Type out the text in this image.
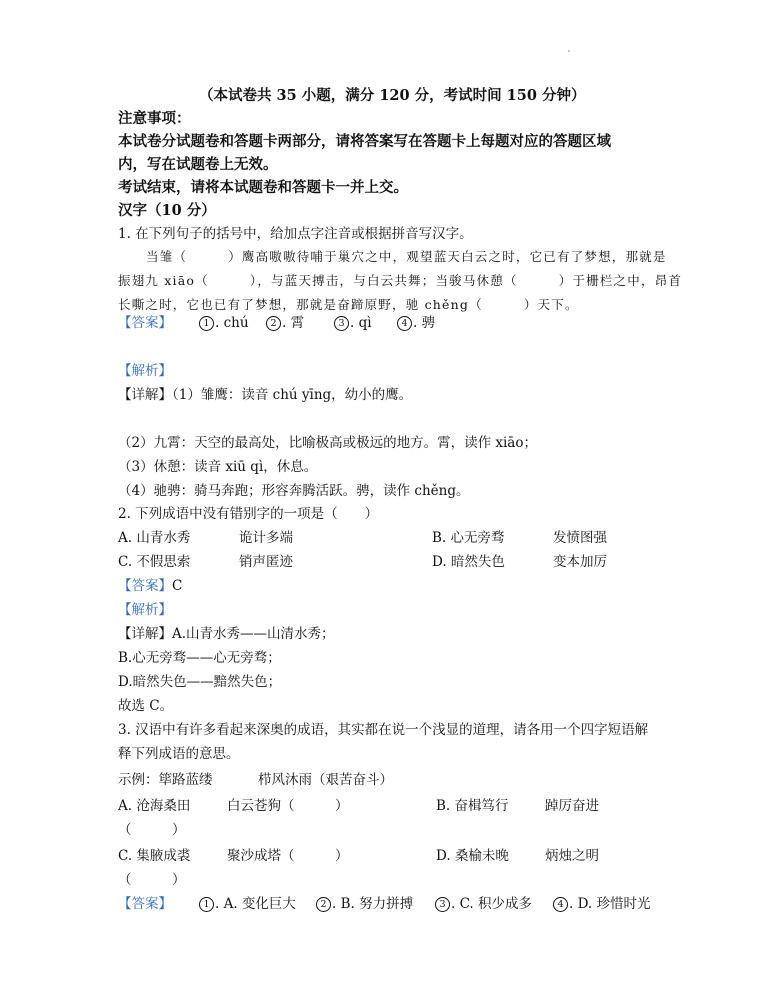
（本试卷共 35 小题，满分 120 分，考试时间 150 分钟）
注意事项：
本试卷分试题卷和答题卡两部分，请将答案写在答题卡上每题对应的答题区域
内，写在试题卷上无效。
考试结束，请将本试题卷和答题卡一并上交。
汉字（10 分）
1. 在下列句子的括号中，给加点字注音或根据拼音写汉字。
当雏（　　　）鹰高嗷嗷待哺于巢穴之中，观望蓝天白云之时，它已有了梦想，那就是
振翅九 xiāo（　　　），与蓝天搏击，与白云共舞；当骏马休憩（　　　）于栅栏之中，昂首
长嘶之时，它也已有了梦想，那就是奋蹄原野，驰 chěng（　　　）天下。
【答案】	1 . chú	2 . 霄	3 . qì	4 . 骋
【解析】
【详解】（1）雏鹰：读音 chú yīng，幼小的鹰。
（2）九霄：天空的最高处，比喻极高或极远的地方。霄，读作 xiāo；
（3）休憩：读音 xiū qì，休息。
（4）驰骋：骑马奔跑；形容奔腾活跃。骋，读作 chěng。
2. 下列成语中没有错别字的一项是（　　）
A. 山青水秀	诡计多端	B. 心无旁骛	发愤图强
C. 不假思索	销声匿迹	D. 暗然失色	变本加厉
【答案】C
【解析】
【详解】A.山青水秀——山清水秀；
B.心无旁骛——心无旁骛；
D.暗然失色——黯然失色；
故选 C。
3. 汉语中有许多看起来深奥的成语，其实都在说一个浅显的道理，请各用一个四字短语解
释下列成语的意思。
示例：筚路蓝缕	栉风沐雨（艰苦奋斗）
A. 沧海桑田	白云苍狗（　　　）	B. 奋楫笃行	踔厉奋进
（　　　）
C. 集腋成裘	聚沙成塔（　　　）	D. 桑榆未晚	炳烛之明
（　　　）
【答案】	1 . A. 变化巨大	2 . B. 努力拼搏	3 . C. 积少成多	4 . D. 珍惜时光
